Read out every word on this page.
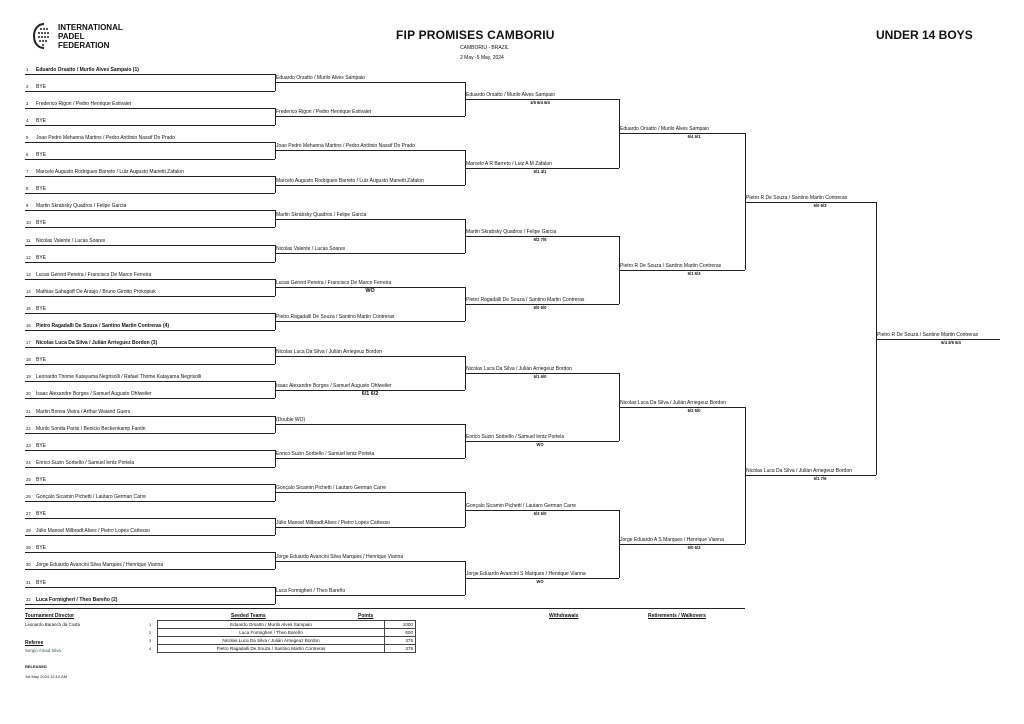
INTERNATIONAL PADEL FEDERATION
FIP PROMISES CAMBORIU
CAMBORIU - BRAZIL
2 May -5 May, 2024
UNDER 14 BOYS
1 Eduardo Orsatto / Murilo Alves Sampaio (1)
2 BYE
3 Frederico Rigon / Pedro Henrique Estivalet
4 BYE
5 Joao Pedro Mehanna Martins / Pedro Antônio Nassif Do Prado
6 BYE
7 Marcelo Augusto Rodrigues Barreto / Luiz Augusto Manetti Zafalon
8 BYE
9 Martin Skrabsky Quadros / Felipe Garcia
10 BYE
11 Nicolas Valente / Lucas Soares
12 BYE
13 Lucas Gerent Pereira / Francisco De Marco Ferreira
14 Mathias Sahagoff De Araujo / Bruno Girotto Prokopiuk
15 BYE
16 Pietro Ragadalli De Souza / Santino Martin Contreras (4)
17 Nicolas Luca Da Silva / Julián Arrieguez Bordon (3)
18 BYE
19 Leonardo Thome Katayama Negrisolli / Rafael Thome Katayama Negrisolli
20 Isaac Alexandre Borges / Samuel Augusto Ohlweiler
21 Martin Bonsa Vieira / Arthur Waiand Guerx
22 Murilo Sonda Parisi / Benicio Beckenkamp Fantin
23 BYE
24 Enrico Suzin Sorbello / Samuel lentz Portela
25 BYE
26 Gonçalo Sicamin Pichetti / Lautaro German Carre
27 BYE
28 Júlio Manoel Milbradt Alves / Pietro Lopes Carlesso
29 BYE
30 Jorge Eduardo Avancini Silva Marques / Henrique Vianna
31 BYE
32 Luca Formigheri / Theo Bareño (2)
Eduardo Orsatto / Murilo Alves Sampaio
Frederico Rigon / Pedro Henrique Estivalet
Joao Pedro Mehanna Martins / Pedro Antônio Nassif Do Prado
Marcelo Augusto Rodrigues Barreto / Luiz Augusto Manetti Zafalon
Martin Skrabsky Quadros / Felipe Garcia
Nicolas Valente / Lucas Soares
Lucas Gerent Pereira / Francisco De Marco Ferreira
WO
Pietro Ragadalli De Souza / Santino Martin Contreras
Nicolas Luca Da Silva / Julián Arriegeuz Bordon
Isaac Alexandre Borges / Samuel Augusto Ohlweiler
6/1 6/2
(Double WO)
Enrico Suzin Sorbello / Samuel lentz Portela
Gonçalo Sicamin Pichetti / Lautaro German Carre
Júlio Manoel Milbradt Alves / Pietro Lopes Carlesso
Jorge Eduardo Avancini Silva Marques / Henrique Vianna
Luca Formigheri / Theo Bareño
Eduardo Orsatto / Murilo Alves Sampaio
1/6 6/4 6/4
Marcelo A R Barreto / Luiz A M Zafalon
6/1 4/1
Martin Skrabsky Quadros / Felipe Garcia
6/2 7/5
Pietro Ragadalli De Souza / Santino Martin Contreras
6/0 6/0
Nicolas Luca Da Silva / Julián Arriegeuz Bordon
6/1 6/0
Enrico Suzin Sorbello / Samuel lentz Portela
WO
Gonçalo Sicamin Pichetti / Lautaro German Carre
6/3 6/0
Jorge Eduardo Avancini S Marques / Henrique Vianna
WO
Eduardo Orsatto / Murilo Alves Sampaio
6/4 6/1
Pietro R De Souza / Santino Martin Contreras
6/1 6/3
Nicolas Luca Da Silva / Julián Arriegeuz Bordon
6/2 6/0
Jorge Eduardo A S Marques / Henrique Vianna
6/0 6/3
Pietro R De Souza / Santino Martin Contreras
6/0 6/3
Nicolas Luca Da Silva / Julián Arriegeuz Bordon
6/1 7/6
Pietro R De Souza / Santino Martin Contreras
6/4 3/6 6/4
Tournament Director
Leonardo Baranch da Costa
Referee
Sergio Amad Silva
RELEASED
1st May 2024 12:10 AM
Seeded Teams	Points	Withdrawals	Retirements / Walkovers
1	Eduardo Orsatto / Murilo Alves Sampaio	1000
2	Luca Formigheri / Theo Bareño	600
3	Nicolas Luca Da Silva / Julián Arriegeuz Bordon	375
4	Pietro Ragadalli De Souza / Santino Martin Contreras	375
